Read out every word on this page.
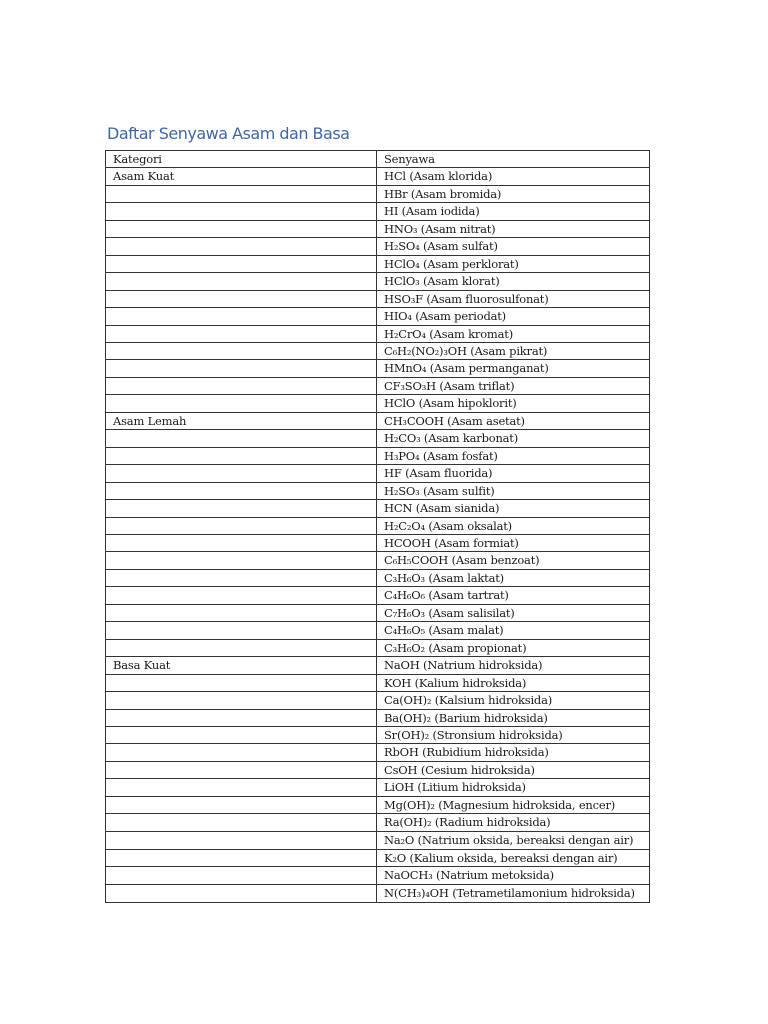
Daftar Senyawa Asam dan Basa
Kategori	Senyawa
Asam Kuat	HCl (Asam klorida)
	HBr (Asam bromida)
	HI (Asam iodida)
	HNO₃ (Asam nitrat)
	H₂SO₄ (Asam sulfat)
	HClO₄ (Asam perklorat)
	HClO₃ (Asam klorat)
	HSO₃F (Asam fluorosulfonat)
	HIO₄ (Asam periodat)
	H₂CrO₄ (Asam kromat)
	C₆H₂(NO₂)₃OH (Asam pikrat)
	HMnO₄ (Asam permanganat)
	CF₃SO₃H (Asam triflat)
	HClO (Asam hipoklorit)
Asam Lemah	CH₃COOH (Asam asetat)
	H₂CO₃ (Asam karbonat)
	H₃PO₄ (Asam fosfat)
	HF (Asam fluorida)
	H₂SO₃ (Asam sulfit)
	HCN (Asam sianida)
	H₂C₂O₄ (Asam oksalat)
	HCOOH (Asam formiat)
	C₆H₅COOH (Asam benzoat)
	C₃H₆O₃ (Asam laktat)
	C₄H₆O₆ (Asam tartrat)
	C₇H₆O₃ (Asam salisilat)
	C₄H₆O₅ (Asam malat)
	C₃H₆O₂ (Asam propionat)
Basa Kuat	NaOH (Natrium hidroksida)
	KOH (Kalium hidroksida)
	Ca(OH)₂ (Kalsium hidroksida)
	Ba(OH)₂ (Barium hidroksida)
	Sr(OH)₂ (Stronsium hidroksida)
	RbOH (Rubidium hidroksida)
	CsOH (Cesium hidroksida)
	LiOH (Litium hidroksida)
	Mg(OH)₂ (Magnesium hidroksida, encer)
	Ra(OH)₂ (Radium hidroksida)
	Na₂O (Natrium oksida, bereaksi dengan air)
	K₂O (Kalium oksida, bereaksi dengan air)
	NaOCH₃ (Natrium metoksida)
	N(CH₃)₄OH (Tetrametilamonium hidroksida)
